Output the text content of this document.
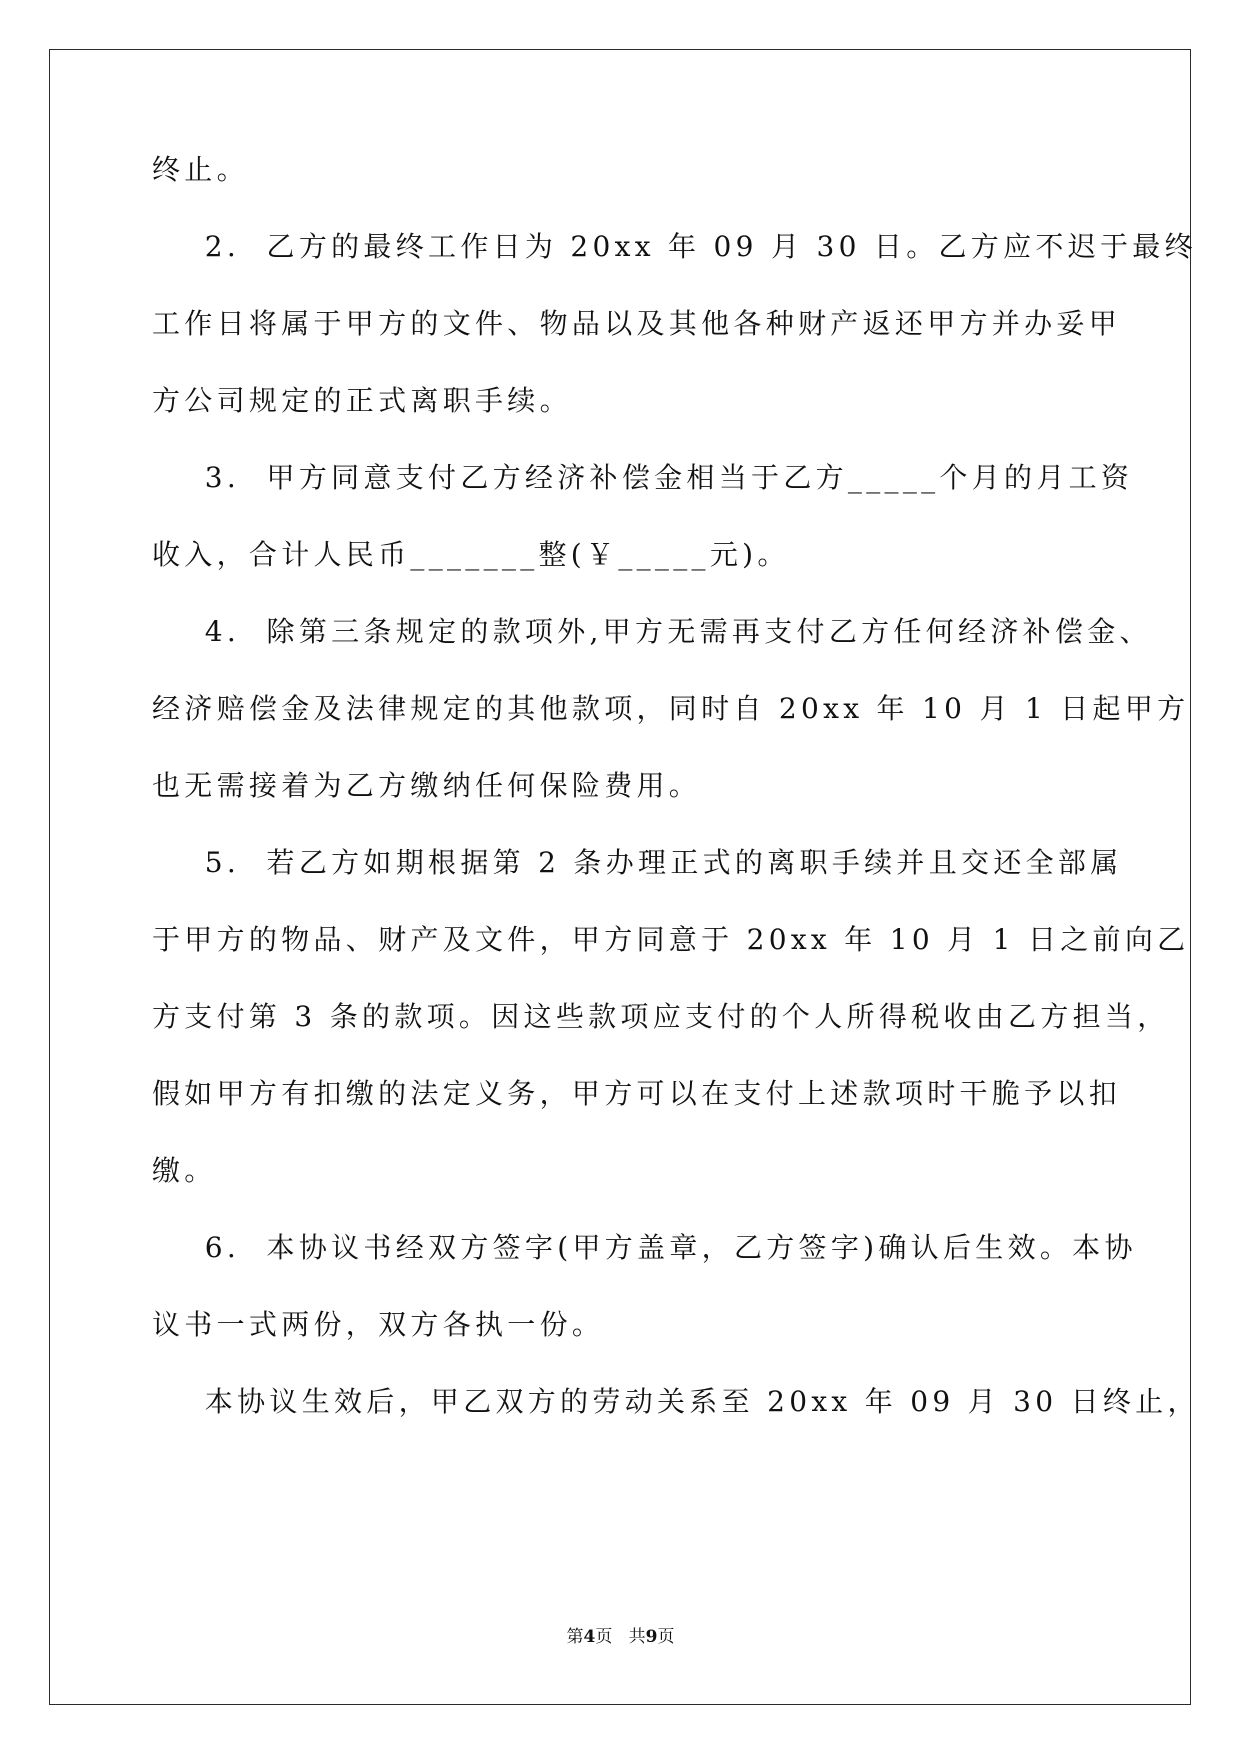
终止。
2.  乙方的最终工作日为 20xx 年 09 月 30 日。乙方应不迟于最终
工作日将属于甲方的文件、物品以及其他各种财产返还甲方并办妥甲
方公司规定的正式离职手续。
3.  甲方同意支付乙方经济补偿金相当于乙方_____个月的月工资
收入，合计人民币_______整(￥_____元)。
4.  除第三条规定的款项外,甲方无需再支付乙方任何经济补偿金、
经济赔偿金及法律规定的其他款项，同时自 20xx 年 10 月 1 日起甲方
也无需接着为乙方缴纳任何保险费用。
5.  若乙方如期根据第 2 条办理正式的离职手续并且交还全部属
于甲方的物品、财产及文件，甲方同意于 20xx 年 10 月 1 日之前向乙
方支付第 3 条的款项。因这些款项应支付的个人所得税收由乙方担当，
假如甲方有扣缴的法定义务，甲方可以在支付上述款项时干脆予以扣
缴。
6.  本协议书经双方签字(甲方盖章，乙方签字)确认后生效。本协
议书一式两份，双方各执一份。
本协议生效后，甲乙双方的劳动关系至 20xx 年 09 月 30 日终止，
第4页 共9页
